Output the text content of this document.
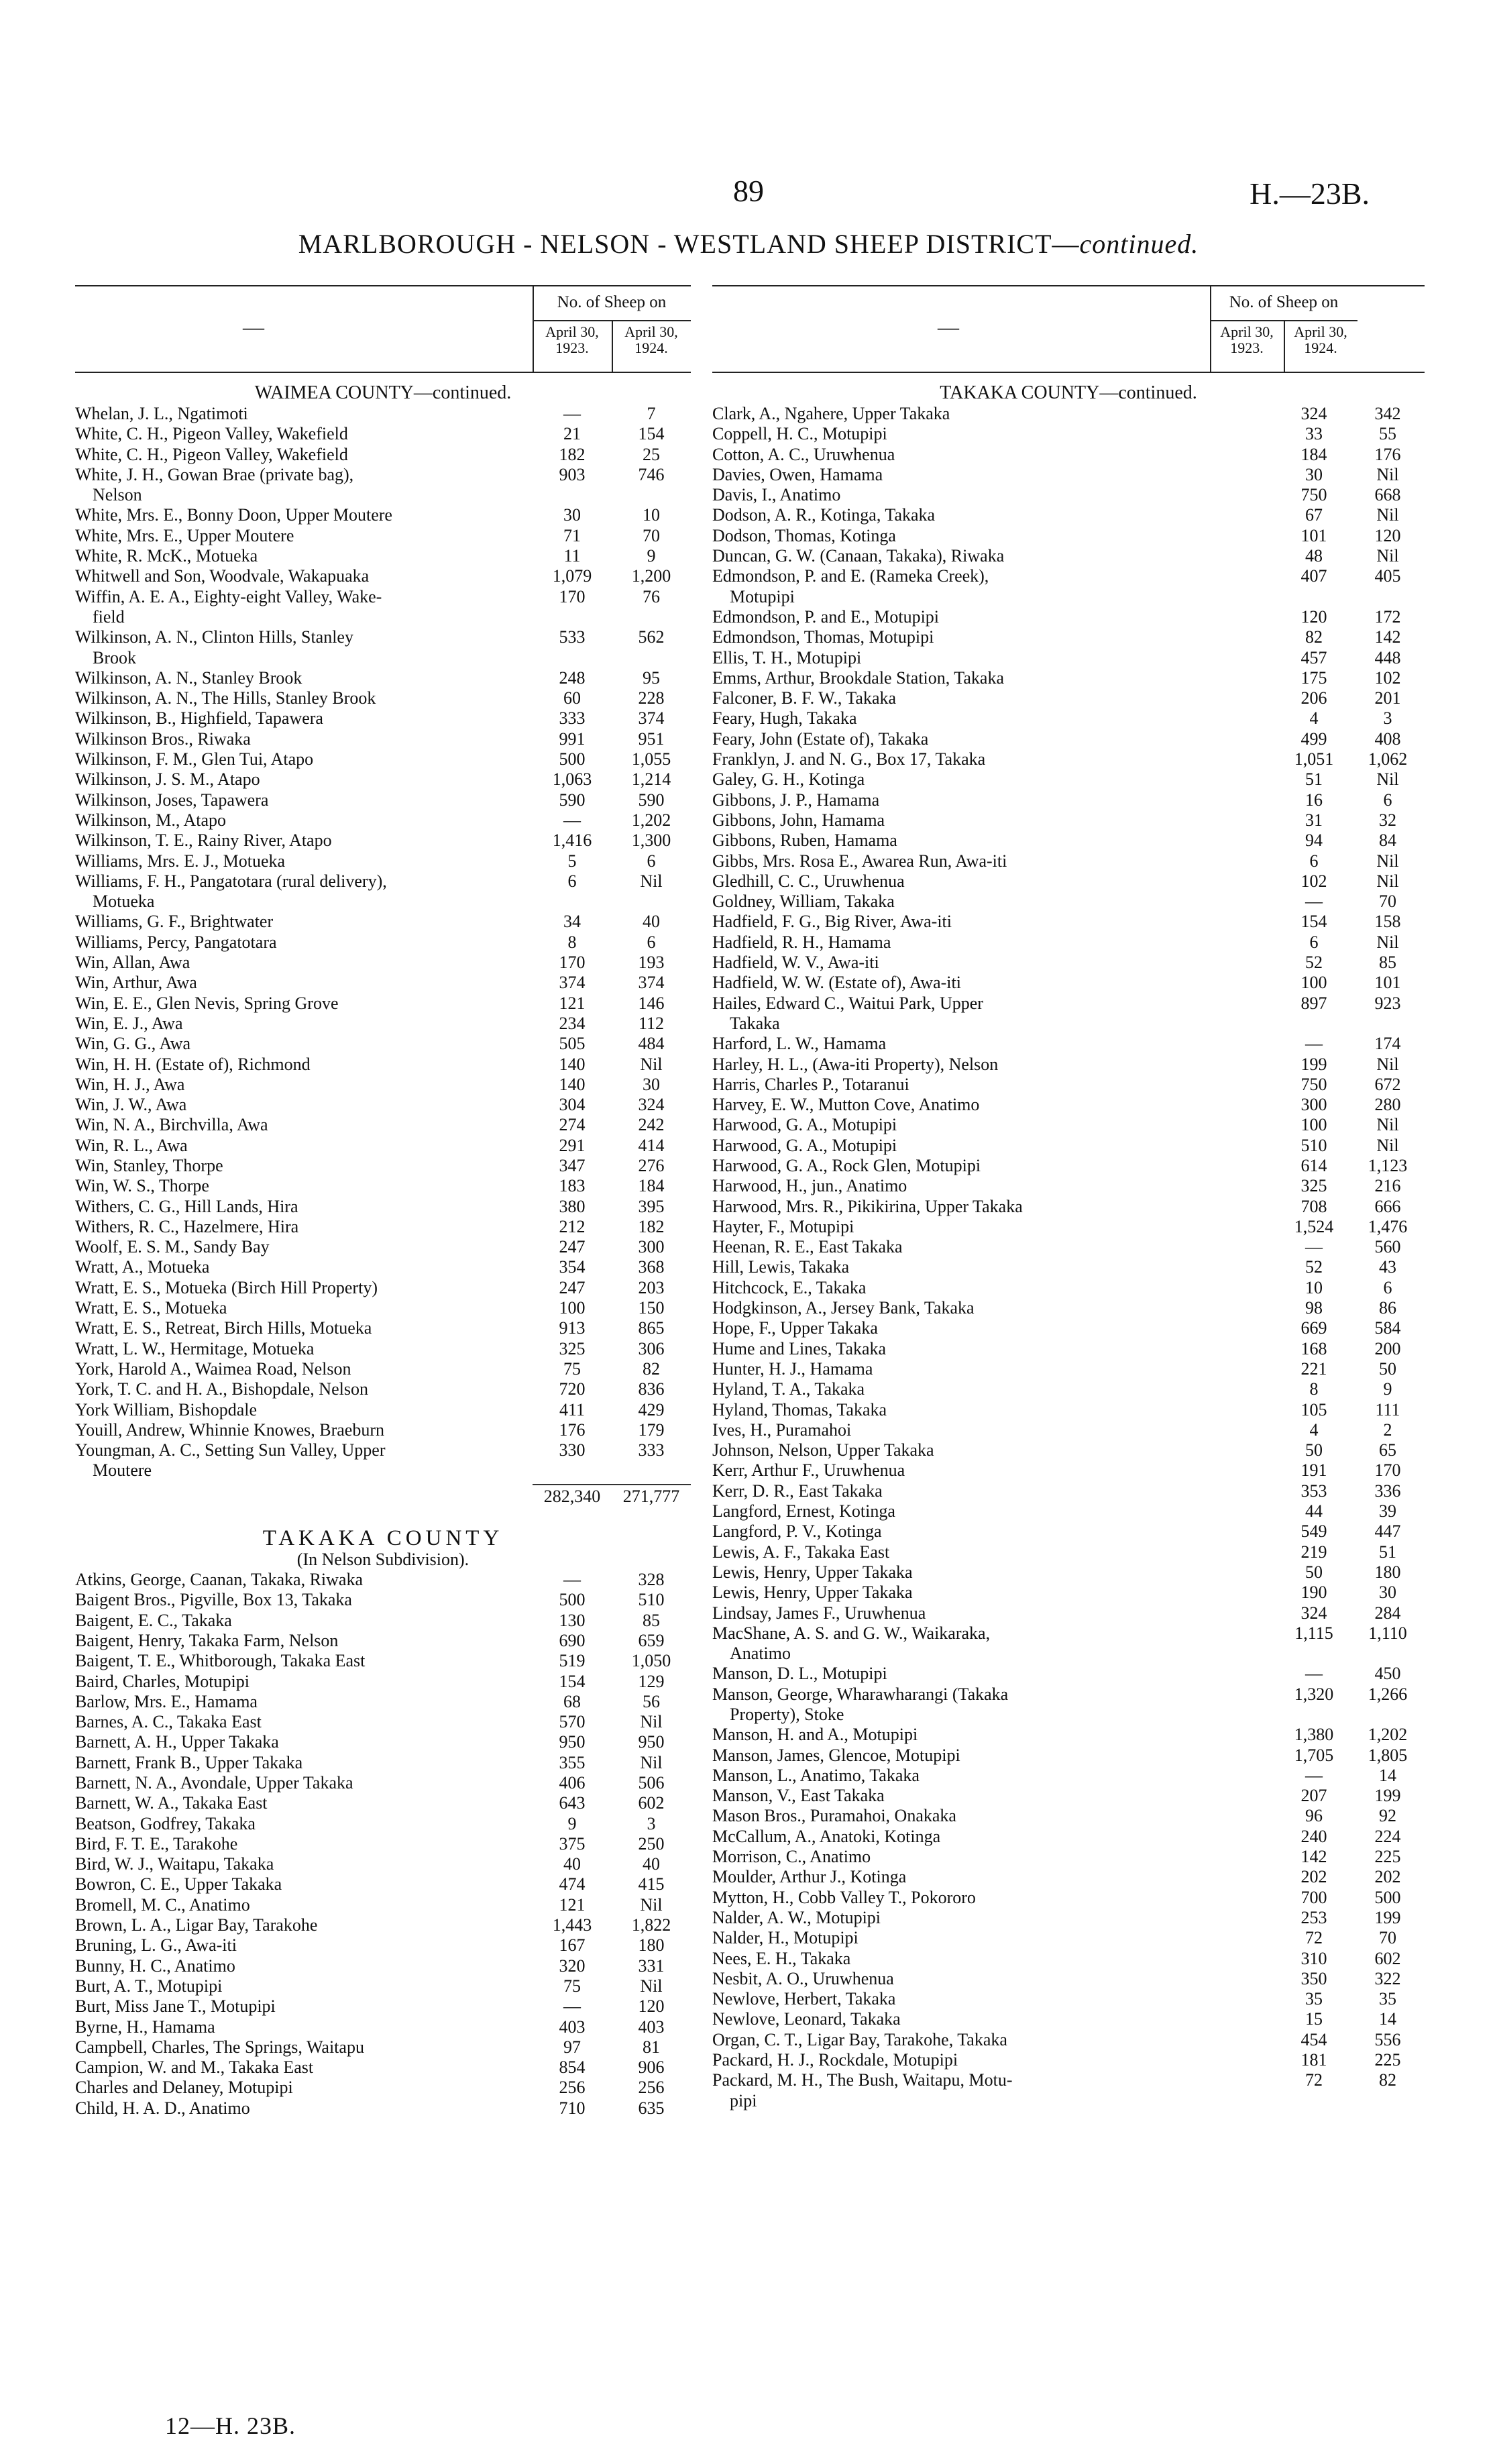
89	H.—23B.
MARLBOROUGH - NELSON - WESTLAND SHEEP DISTRICT—continued.
—
No. of Sheep on
April 30,
1923.
April 30,
1924.
WAIMEA COUNTY—continued.
Whelan, J. L., Ngatimoti	—	7
White, C. H., Pigeon Valley, Wakefield	21	154
White, C. H., Pigeon Valley, Wakefield	182	25
White, J. H., Gowan Brae (private bag),	903	746
Nelson
White, Mrs. E., Bonny Doon, Upper Moutere	30	10
White, Mrs. E., Upper Moutere	71	70
White, R. McK., Motueka	11	9
Whitwell and Son, Woodvale, Wakapuaka	1,079	1,200
Wiffin, A. E. A., Eighty-eight Valley, Wake-	170	76
field
Wilkinson, A. N., Clinton Hills, Stanley	533	562
Brook
Wilkinson, A. N., Stanley Brook	248	95
Wilkinson, A. N., The Hills, Stanley Brook	60	228
Wilkinson, B., Highfield, Tapawera	333	374
Wilkinson Bros., Riwaka	991	951
Wilkinson, F. M., Glen Tui, Atapo	500	1,055
Wilkinson, J. S. M., Atapo	1,063	1,214
Wilkinson, Joses, Tapawera	590	590
Wilkinson, M., Atapo	—	1,202
Wilkinson, T. E., Rainy River, Atapo	1,416	1,300
Williams, Mrs. E. J., Motueka	5	6
Williams, F. H., Pangatotara (rural delivery),	6	Nil
Motueka
Williams, G. F., Brightwater	34	40
Williams, Percy, Pangatotara	8	6
Win, Allan, Awa	170	193
Win, Arthur, Awa	374	374
Win, E. E., Glen Nevis, Spring Grove	121	146
Win, E. J., Awa	234	112
Win, G. G., Awa	505	484
Win, H. H. (Estate of), Richmond	140	Nil
Win, H. J., Awa	140	30
Win, J. W., Awa	304	324
Win, N. A., Birchvilla, Awa	274	242
Win, R. L., Awa	291	414
Win, Stanley, Thorpe	347	276
Win, W. S., Thorpe	183	184
Withers, C. G., Hill Lands, Hira	380	395
Withers, R. C., Hazelmere, Hira	212	182
Woolf, E. S. M., Sandy Bay	247	300
Wratt, A., Motueka	354	368
Wratt, E. S., Motueka (Birch Hill Property)	247	203
Wratt, E. S., Motueka	100	150
Wratt, E. S., Retreat, Birch Hills, Motueka	913	865
Wratt, L. W., Hermitage, Motueka	325	306
York, Harold A., Waimea Road, Nelson	75	82
York, T. C. and H. A., Bishopdale, Nelson	720	836
York William, Bishopdale	411	429
Youill, Andrew, Whinnie Knowes, Braeburn	176	179
Youngman, A. C., Setting Sun Valley, Upper	330	333
Moutere
282,340	271,777
TAKAKA COUNTY
(In Nelson Subdivision).
Atkins, George, Caanan, Takaka, Riwaka	—	328
Baigent Bros., Pigville, Box 13, Takaka	500	510
Baigent, E. C., Takaka	130	85
Baigent, Henry, Takaka Farm, Nelson	690	659
Baigent, T. E., Whitborough, Takaka East	519	1,050
Baird, Charles, Motupipi	154	129
Barlow, Mrs. E., Hamama	68	56
Barnes, A. C., Takaka East	570	Nil
Barnett, A. H., Upper Takaka	950	950
Barnett, Frank B., Upper Takaka	355	Nil
Barnett, N. A., Avondale, Upper Takaka	406	506
Barnett, W. A., Takaka East	643	602
Beatson, Godfrey, Takaka	9	3
Bird, F. T. E., Tarakohe	375	250
Bird, W. J., Waitapu, Takaka	40	40
Bowron, C. E., Upper Takaka	474	415
Bromell, M. C., Anatimo	121	Nil
Brown, L. A., Ligar Bay, Tarakohe	1,443	1,822
Bruning, L. G., Awa-iti	167	180
Bunny, H. C., Anatimo	320	331
Burt, A. T., Motupipi	75	Nil
Burt, Miss Jane T., Motupipi	—	120
Byrne, H., Hamama	403	403
Campbell, Charles, The Springs, Waitapu	97	81
Campion, W. and M., Takaka East	854	906
Charles and Delaney, Motupipi	256	256
Child, H. A. D., Anatimo	710	635
—
No. of Sheep on
April 30,
1923.
April 30,
1924.
TAKAKA COUNTY—continued.
Clark, A., Ngahere, Upper Takaka	324	342
Coppell, H. C., Motupipi	33	55
Cotton, A. C., Uruwhenua	184	176
Davies, Owen, Hamama	30	Nil
Davis, I., Anatimo	750	668
Dodson, A. R., Kotinga, Takaka	67	Nil
Dodson, Thomas, Kotinga	101	120
Duncan, G. W. (Canaan, Takaka), Riwaka	48	Nil
Edmondson, P. and E. (Rameka Creek),	407	405
Motupipi
Edmondson, P. and E., Motupipi	120	172
Edmondson, Thomas, Motupipi	82	142
Ellis, T. H., Motupipi	457	448
Emms, Arthur, Brookdale Station, Takaka	175	102
Falconer, B. F. W., Takaka	206	201
Feary, Hugh, Takaka	4	3
Feary, John (Estate of), Takaka	499	408
Franklyn, J. and N. G., Box 17, Takaka	1,051	1,062
Galey, G. H., Kotinga	51	Nil
Gibbons, J. P., Hamama	16	6
Gibbons, John, Hamama	31	32
Gibbons, Ruben, Hamama	94	84
Gibbs, Mrs. Rosa E., Awarea Run, Awa-iti	6	Nil
Gledhill, C. C., Uruwhenua	102	Nil
Goldney, William, Takaka	—	70
Hadfield, F. G., Big River, Awa-iti	154	158
Hadfield, R. H., Hamama	6	Nil
Hadfield, W. V., Awa-iti	52	85
Hadfield, W. W. (Estate of), Awa-iti	100	101
Hailes, Edward C., Waitui Park, Upper	897	923
Takaka
Harford, L. W., Hamama	—	174
Harley, H. L., (Awa-iti Property), Nelson	199	Nil
Harris, Charles P., Totaranui	750	672
Harvey, E. W., Mutton Cove, Anatimo	300	280
Harwood, G. A., Motupipi	100	Nil
Harwood, G. A., Motupipi	510	Nil
Harwood, G. A., Rock Glen, Motupipi	614	1,123
Harwood, H., jun., Anatimo	325	216
Harwood, Mrs. R., Pikikirina, Upper Takaka	708	666
Hayter, F., Motupipi	1,524	1,476
Heenan, R. E., East Takaka	—	560
Hill, Lewis, Takaka	52	43
Hitchcock, E., Takaka	10	6
Hodgkinson, A., Jersey Bank, Takaka	98	86
Hope, F., Upper Takaka	669	584
Hume and Lines, Takaka	168	200
Hunter, H. J., Hamama	221	50
Hyland, T. A., Takaka	8	9
Hyland, Thomas, Takaka	105	111
Ives, H., Puramahoi	4	2
Johnson, Nelson, Upper Takaka	50	65
Kerr, Arthur F., Uruwhenua	191	170
Kerr, D. R., East Takaka	353	336
Langford, Ernest, Kotinga	44	39
Langford, P. V., Kotinga	549	447
Lewis, A. F., Takaka East	219	51
Lewis, Henry, Upper Takaka	50	180
Lewis, Henry, Upper Takaka	190	30
Lindsay, James F., Uruwhenua	324	284
MacShane, A. S. and G. W., Waikaraka,	1,115	1,110
Anatimo
Manson, D. L., Motupipi	—	450
Manson, George, Wharawharangi (Takaka	1,320	1,266
Property), Stoke
Manson, H. and A., Motupipi	1,380	1,202
Manson, James, Glencoe, Motupipi	1,705	1,805
Manson, L., Anatimo, Takaka	—	14
Manson, V., East Takaka	207	199
Mason Bros., Puramahoi, Onakaka	96	92
McCallum, A., Anatoki, Kotinga	240	224
Morrison, C., Anatimo	142	225
Moulder, Arthur J., Kotinga	202	202
Mytton, H., Cobb Valley T., Pokororo	700	500
Nalder, A. W., Motupipi	253	199
Nalder, H., Motupipi	72	70
Nees, E. H., Takaka	310	602
Nesbit, A. O., Uruwhenua	350	322
Newlove, Herbert, Takaka	35	35
Newlove, Leonard, Takaka	15	14
Organ, C. T., Ligar Bay, Tarakohe, Takaka	454	556
Packard, H. J., Rockdale, Motupipi	181	225
Packard, M. H., The Bush, Waitapu, Motu-	72	82
pipi
12—H. 23B.
